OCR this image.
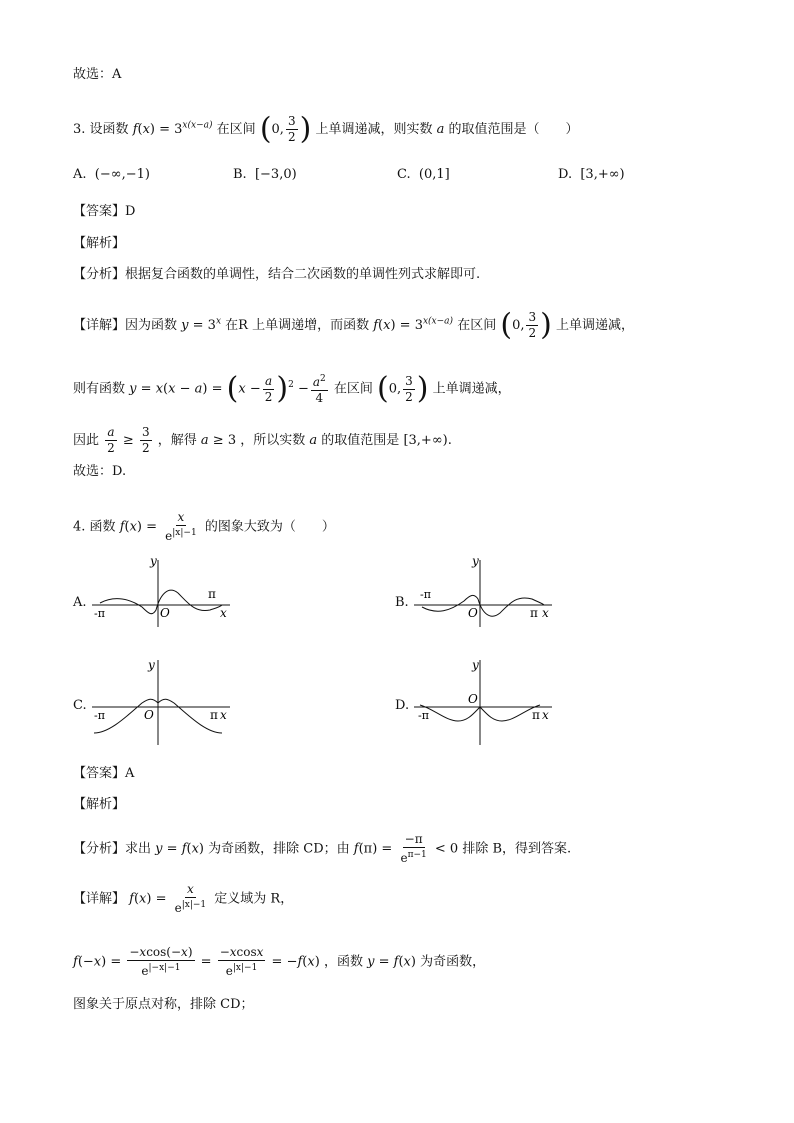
故选：A
3. 设函数 $f(x) = 3^{x(x-a)}$ 在区间 (0, $\frac{3}{2}$ ) 上单调递减，则实数 a 的取值范围是（　　）
A. (−∞,−1)	B. [−3,0)	C. (0,1]	D. [3,+∞)
【答案】D
【解析】
【分析】根据复合函数的单调性，结合二次函数的单调性列式求解即可.
【详解】因为函数 $y = 3^x$ 在R 上单调递增，而函数 $f(x) = 3^{x(x-a)}$ 在区间 (0, $\frac{3}{2}$ ) 上单调递减，
则有函数 $y = x(x - a) = (x - \frac{a}{2} )^2 - \frac{a^2}{4}$ 在区间 (0, $\frac{3}{2}$ ) 上单调递减，
因此 $\frac{a}{2} \ge \frac{3}{2}$ ，解得 a ≥ 3 ，所以实数 a 的取值范围是 [3,+∞).
故选：D.
4. 函数 $f(x) = \frac{x}{e^{|x|-1}}$ 的图象大致为（　　）
A.
y
x
O
π
-π
B.
y
x
O	π
-π
C.
y
x
O	π
-π
D.
y
x
O
π
-π
【答案】A
【解析】
【分析】求出 y = f(x) 为奇函数，排除 CD；由 $f(\pi) = \frac{-\pi}{e^{\pi-1}} < 0$ 排除 B，得到答案.
【详解】 $f(x) = \frac{x}{e^{|x|-1}}$ 定义域为 R，
$f(-x) = \frac{-xcos(-x)}{e^{|-x|-1}} = \frac{-xcosx}{e^{|x|-1}} = -f(x)$ ，函数 y = f(x) 为奇函数，
图象关于原点对称，排除 CD；
